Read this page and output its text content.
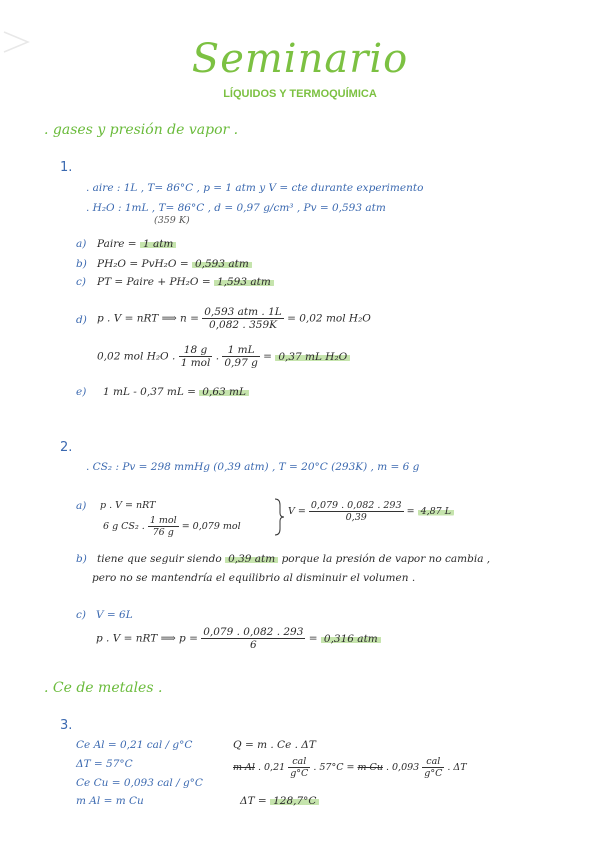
Seminario
LÍQUIDOS Y TERMOQUÍMICA
. gases y presión de vapor .
1.
. aire : 1L , T= 86°C , p = 1 atm y V = cte durante experimento
. H₂O : 1mL , T= 86°C , d = 0,97 g/cm³ , Pv = 0,593 atm
(359 K)
a) Paire = 1 atm
b) PH₂O = PvH₂O = 0,593 atm
c) PT = Paire + PH₂O = 1,593 atm
d) p . V = nRT ⟹ $n = \frac{\text{0,593 atm . 1L}}{0,082 . 359K} = 0,02$ mol H₂O
0,02 mol H₂O . $\frac{18 g}{\text{1 mol}}$ . $\frac{1 mL}{0,97 g} = 0,37$ mL H₂O
e) 1 mL - 0,37 mL = 0,63 mL
2.
. CS₂ : Pv = 298 mmHg (0,39 atm) , T = 20°C (293K) , m = 6 g
a) p . V = nRT
6 g CS₂ . $\frac{\text{1 mol}}{76 g} = 0,079$ mol
$V = \frac{0,079 . 0,082 . 293}{0,39} = 4,87$ L
b) tiene que seguir siendo 0,39 atm porque la presión de vapor no cambia ,
pero no se mantendría el equilibrio al disminuir el volumen .
c) V = 6L
p . V = nRT ⟹ $p = \frac{0,079 . 0,082 . 293}{6} = 0,316$ atm
. Ce de metales .
3.
Ce Al = 0,21 cal / g°C
ΔT = 57°C
Ce Cu = 0,093 cal / g°C
m Al = m Cu
Q = m . Ce . ΔT
m Al . $0,21 \frac{\text{cal}}{g^\circ C}$ . 57°C = m Cu . $0,093 \frac{\text{cal}}{g^\circ C}$ . ΔT
ΔT = 128,7°C
